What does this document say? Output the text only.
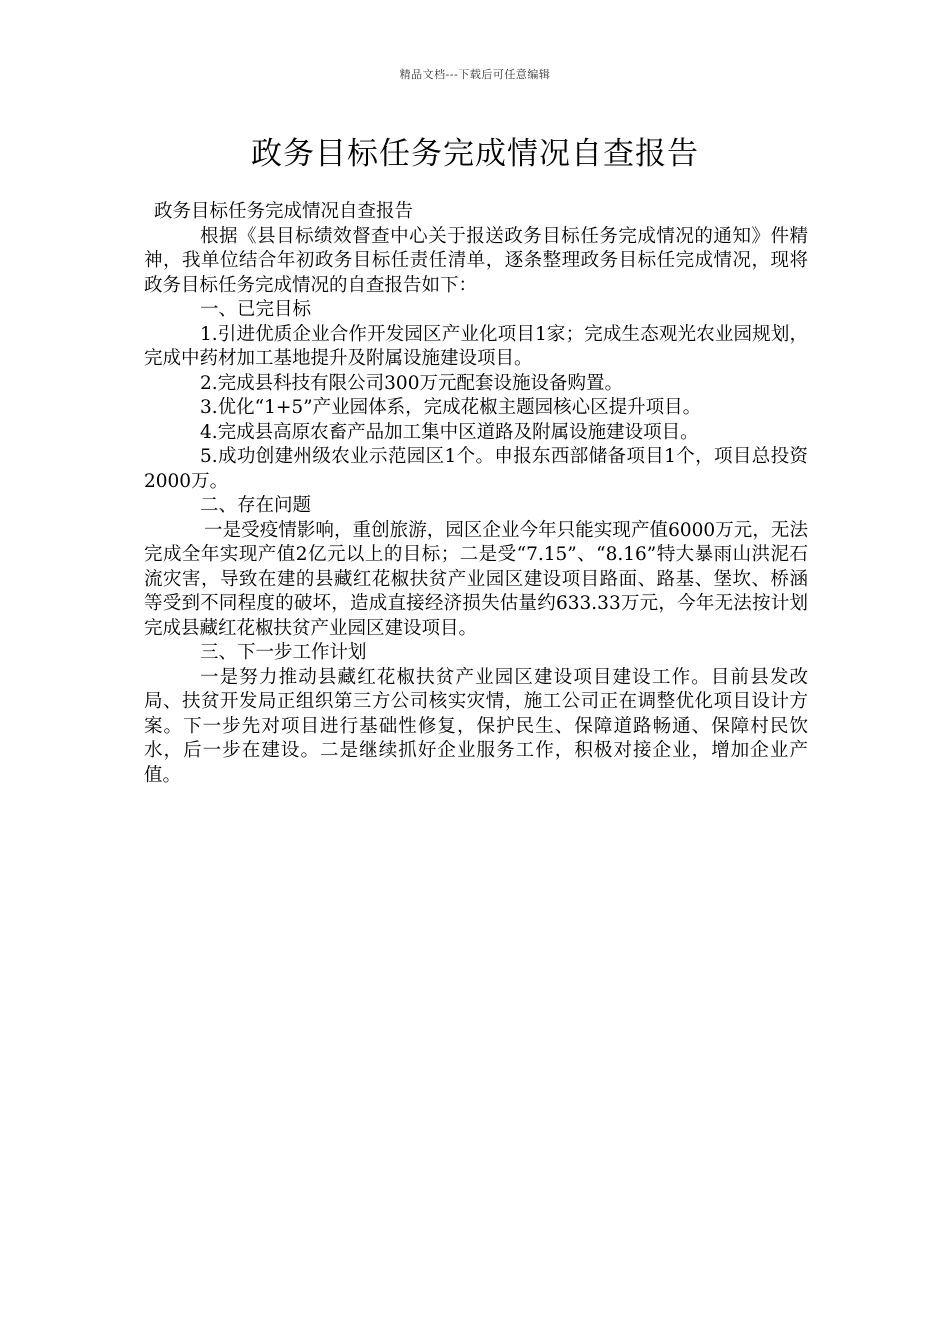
精品文档---下载后可任意编辑
政务目标任务完成情况自查报告

政务目标任务完成情况自查报告

根据《县目标绩效督查中心关于报送政务目标任务完成情况的通知》件精神，我单位结合年初政务目标任责任清单，逐条整理政务目标任完成情况，现将政务目标任务完成情况的自查报告如下：

一、已完目标

1.引进优质企业合作开发园区产业化项目1家；完成生态观光农业园规划，完成中药材加工基地提升及附属设施建设项目。

2.完成县科技有限公司300万元配套设施设备购置。

3.优化“1+5”产业园体系，完成花椒主题园核心区提升项目。

4.完成县高原农畜产品加工集中区道路及附属设施建设项目。

5.成功创建州级农业示范园区1个。申报东西部储备项目1个，项目总投资2000万。

二、存在问题

一是受疫情影响，重创旅游，园区企业今年只能实现产值6000万元，无法完成全年实现产值2亿元以上的目标；二是受“7.15”、“8.16”特大暴雨山洪泥石流灾害，导致在建的县藏红花椒扶贫产业园区建设项目路面、路基、堡坎、桥涵等受到不同程度的破坏，造成直接经济损失估量约633.33万元，今年无法按计划完成县藏红花椒扶贫产业园区建设项目。

三、下一步工作计划

一是努力推动县藏红花椒扶贫产业园区建设项目建设工作。目前县发改局、扶贫开发局正组织第三方公司核实灾情，施工公司正在调整优化项目设计方案。下一步先对项目进行基础性修复，保护民生、保障道路畅通、保障村民饮水，后一步在建设。二是继续抓好企业服务工作，积极对接企业，增加企业产值。
